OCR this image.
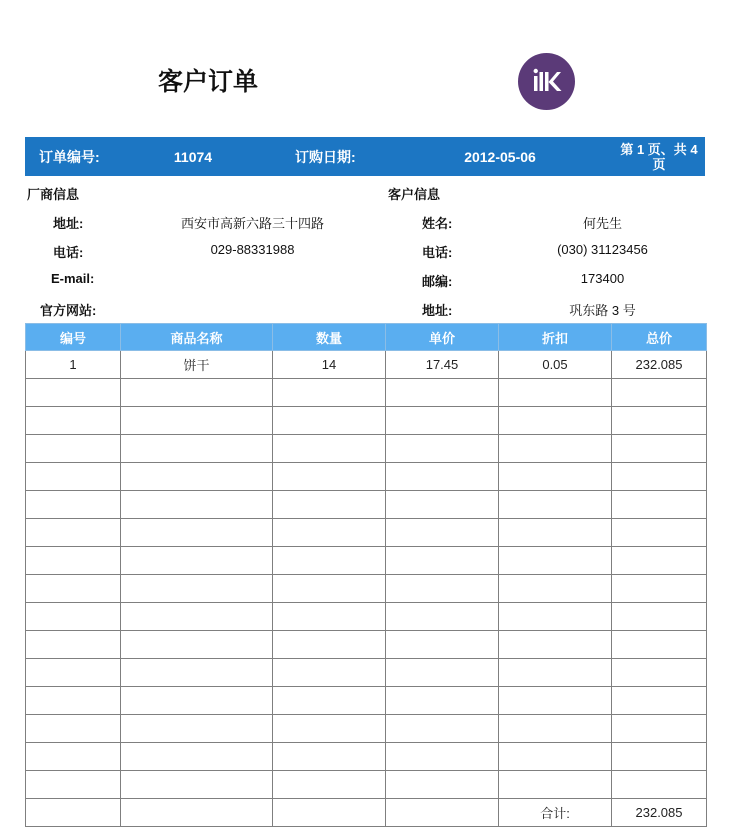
客户订单
订单编号:	11074	订购日期:	2012-05-06	第 1 页、共 4 页
厂商信息
地址:	西安市高新六路三十四路
电话:	029-88331988
E-mail:
官方网站:
客户信息
姓名:	何先生
电话:	(030) 31123456
邮编:	173400
地址:	巩东路 3 号
编号	商品名称	数量	单价	折扣	总价
1	饼干	14	17.45	0.05	232.085

				合计:	232.085
